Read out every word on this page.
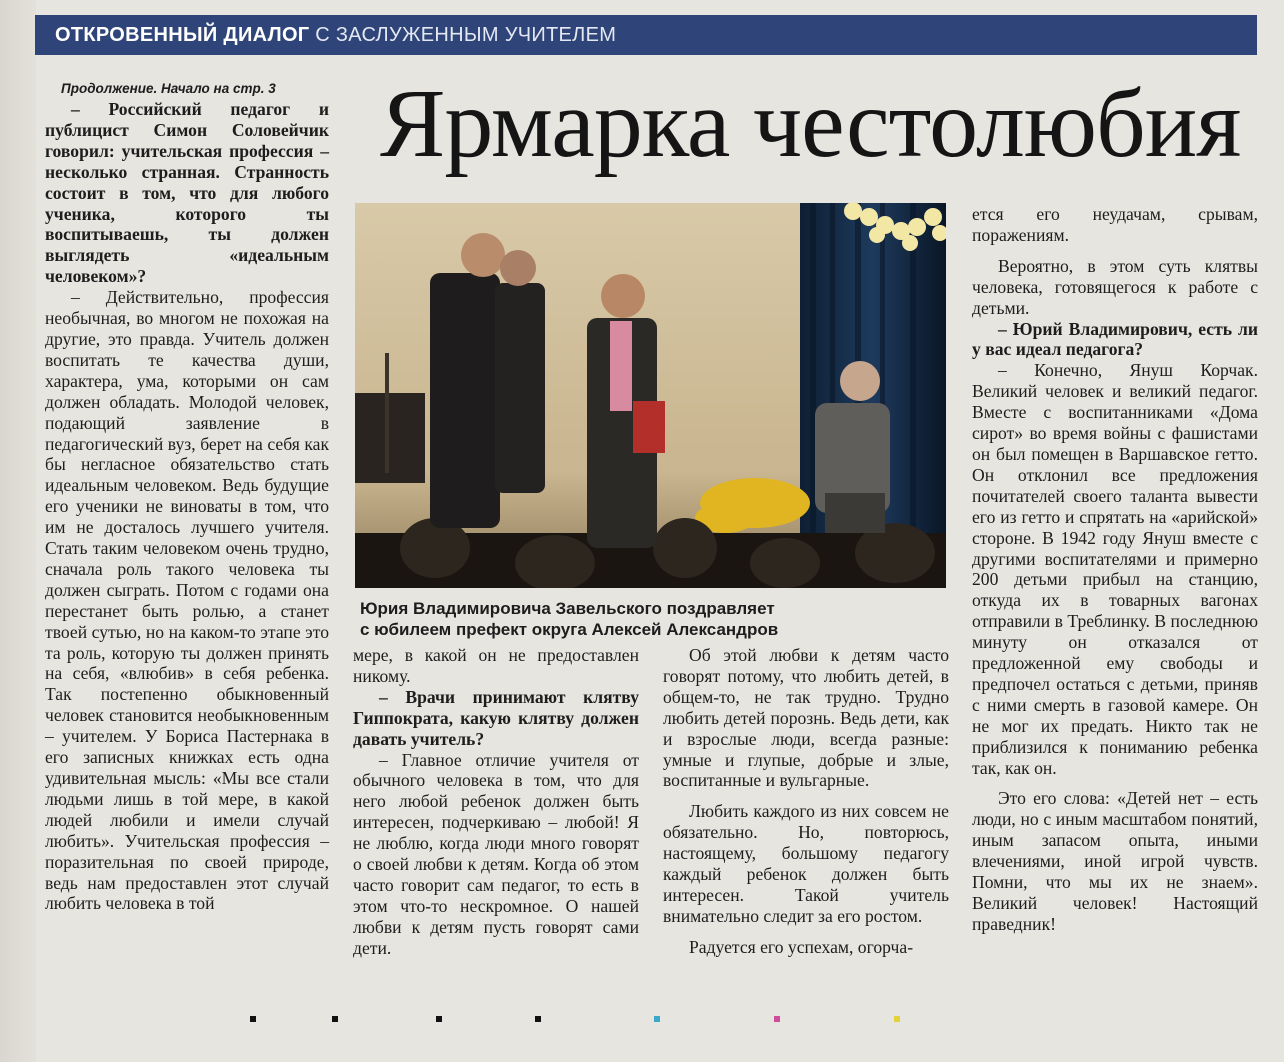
ОТКРОВЕННЫЙ ДИАЛОГ С ЗАСЛУЖЕННЫМ УЧИТЕЛЕМ

Продолжение. Начало на стр. 3

– Российский педагог и публицист Симон Соловейчик говорил: учительская профессия – несколько странная. Странность состоит в том, что для любого ученика, которого ты воспитываешь, ты должен выглядеть «идеальным человеком»?

– Действительно, профессия необычная, во многом не похожая на другие, это правда. Учитель должен воспитать те качества души, характера, ума, которыми он сам должен обладать. Молодой человек, подающий заявление в педагогический вуз, берет на себя как бы негласное обязательство стать идеальным человеком. Ведь будущие его ученики не виноваты в том, что им не досталось лучшего учителя. Стать таким человеком очень трудно, сначала роль такого человека ты должен сыграть. Потом с годами она перестанет быть ролью, а станет твоей сутью, но на каком-то этапе это та роль, которую ты должен принять на себя, «влюбив» в себя ребенка. Так постепенно обыкновенный человек становится необыкновенным – учителем. У Бориса Пастернака в его записных книжках есть одна удивительная мысль: «Мы все стали людьми лишь в той мере, в какой людей любили и имели случай любить». Учительская профессия – поразительная по своей природе, ведь нам предоставлен этот случай любить человека в той

Ярмарка честолюбия
Юрия Владимировича Завельского поздравляет
с юбилеем префект округа Алексей Александров

мере, в какой он не предоставлен никому.

– Врачи принимают клятву Гиппократа, какую клятву должен давать учитель?

– Главное отличие учителя от обычного человека в том, что для него любой ребенок должен быть интересен, подчеркиваю – любой! Я не люблю, когда люди много говорят о своей любви к детям. Когда об этом часто говорит сам педагог, то есть в этом что-то нескромное. О нашей любви к детям пусть говорят сами дети.

Об этой любви к детям часто говорят потому, что любить детей, в общем-то, не так трудно. Трудно любить детей порознь. Ведь дети, как и взрослые люди, всегда разные: умные и глупые, добрые и злые, воспитанные и вульгарные.

Любить каждого из них совсем не обязательно. Но, повторюсь, настоящему, большому педагогу каждый ребенок должен быть интересен. Такой учитель внимательно следит за его ростом.

Радуется его успехам, огорча-

ется его неудачам, срывам, поражениям.

Вероятно, в этом суть клятвы человека, готовящегося к работе с детьми.

– Юрий Владимирович, есть ли у вас идеал педагога?

– Конечно, Януш Корчак. Великий человек и великий педагог. Вместе с воспитанниками «Дома сирот» во время войны с фашистами он был помещен в Варшавское гетто. Он отклонил все предложения почитателей своего таланта вывести его из гетто и спрятать на «арийской» стороне. В 1942 году Януш вместе с другими воспитателями и примерно 200 детьми прибыл на станцию, откуда их в товарных вагонах отправили в Треблинку. В последнюю минуту он отказался от предложенной ему свободы и предпочел остаться с детьми, приняв с ними смерть в газовой камере. Он не мог их предать. Никто так не приблизился к пониманию ребенка так, как он.

Это его слова: «Детей нет – есть люди, но с иным масштабом понятий, иным запасом опыта, иными влечениями, иной игрой чувств. Помни, что мы их не знаем». Великий человек! Настоящий праведник!
